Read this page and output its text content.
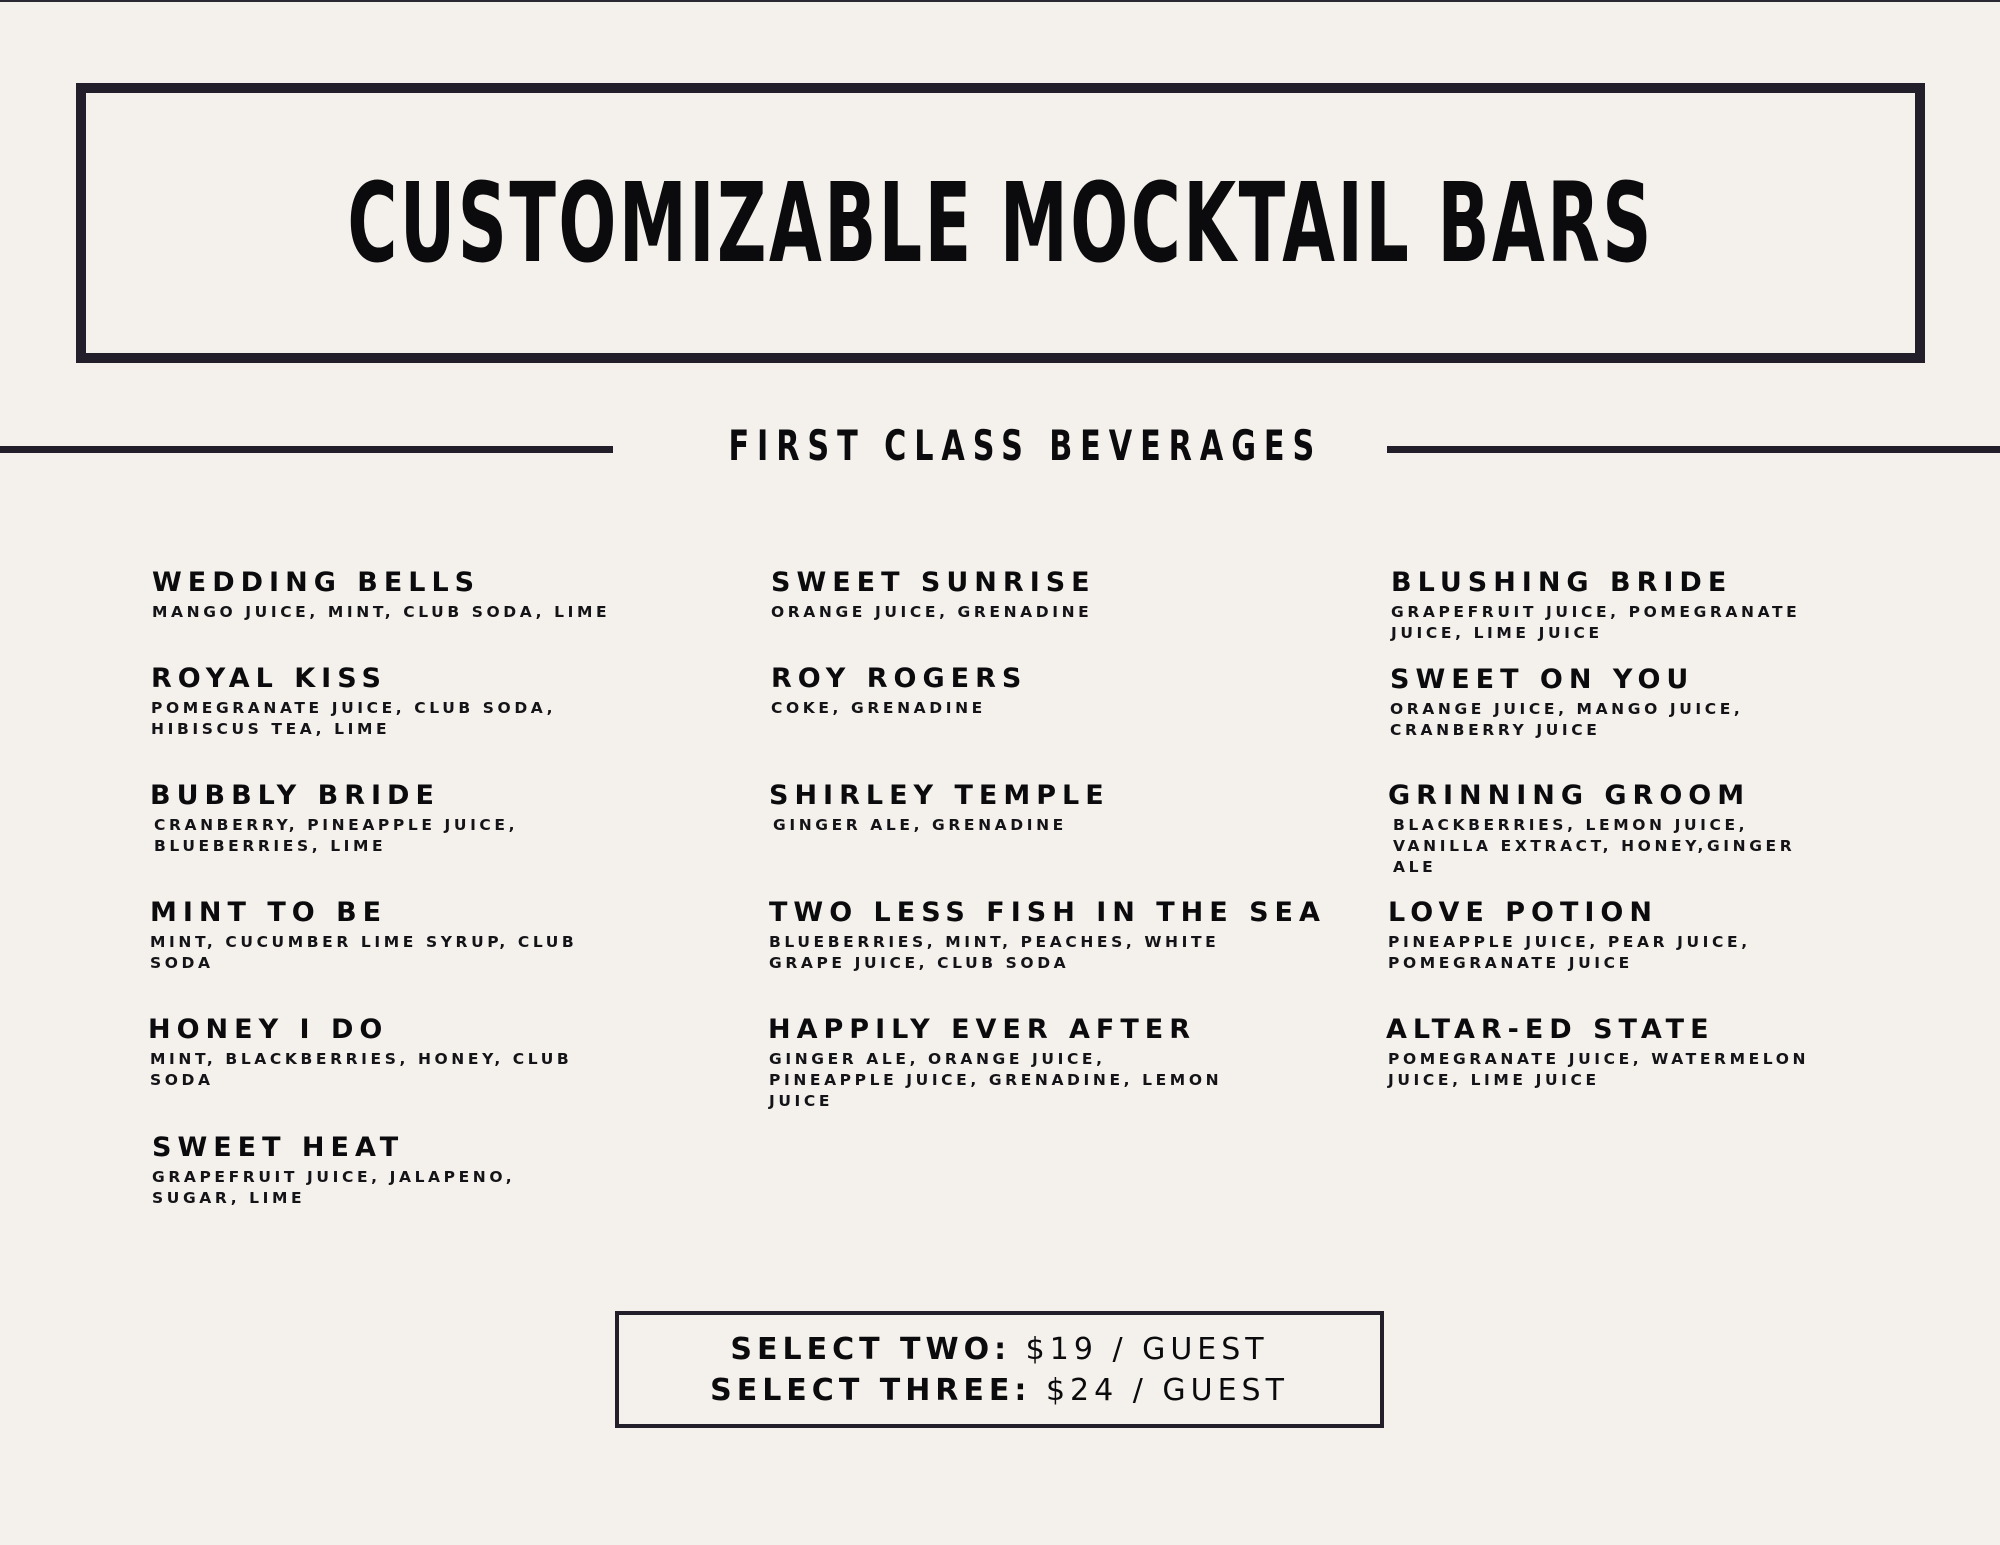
CUSTOMIZABLE MOCKTAIL BARS
FIRST CLASS BEVERAGES
WEDDING BELLS
MANGO JUICE, MINT, CLUB SODA, LIME
ROYAL KISS
POMEGRANATE JUICE, CLUB SODA, HIBISCUS TEA, LIME
BUBBLY BRIDE
CRANBERRY, PINEAPPLE JUICE, BLUEBERRIES, LIME
MINT TO BE
MINT, CUCUMBER LIME SYRUP, CLUB SODA
HONEY I DO
MINT, BLACKBERRIES, HONEY, CLUB SODA
SWEET HEAT
GRAPEFRUIT JUICE, JALAPENO, SUGAR, LIME
SWEET SUNRISE
ORANGE JUICE, GRENADINE
ROY ROGERS
COKE, GRENADINE
SHIRLEY TEMPLE
GINGER ALE, GRENADINE
TWO LESS FISH IN THE SEA
BLUEBERRIES, MINT, PEACHES, WHITE GRAPE JUICE, CLUB SODA
HAPPILY EVER AFTER
GINGER ALE, ORANGE JUICE, PINEAPPLE JUICE, GRENADINE, LEMON JUICE
BLUSHING BRIDE
GRAPEFRUIT JUICE, POMEGRANATE JUICE, LIME JUICE
SWEET ON YOU
ORANGE JUICE, MANGO JUICE, CRANBERRY JUICE
GRINNING GROOM
BLACKBERRIES, LEMON JUICE, VANILLA EXTRACT, HONEY,GINGER ALE
LOVE POTION
PINEAPPLE JUICE, PEAR JUICE, POMEGRANATE JUICE
ALTAR-ED STATE
POMEGRANATE JUICE, WATERMELON JUICE, LIME JUICE
SELECT TWO: $19 / GUEST
SELECT THREE: $24 / GUEST
